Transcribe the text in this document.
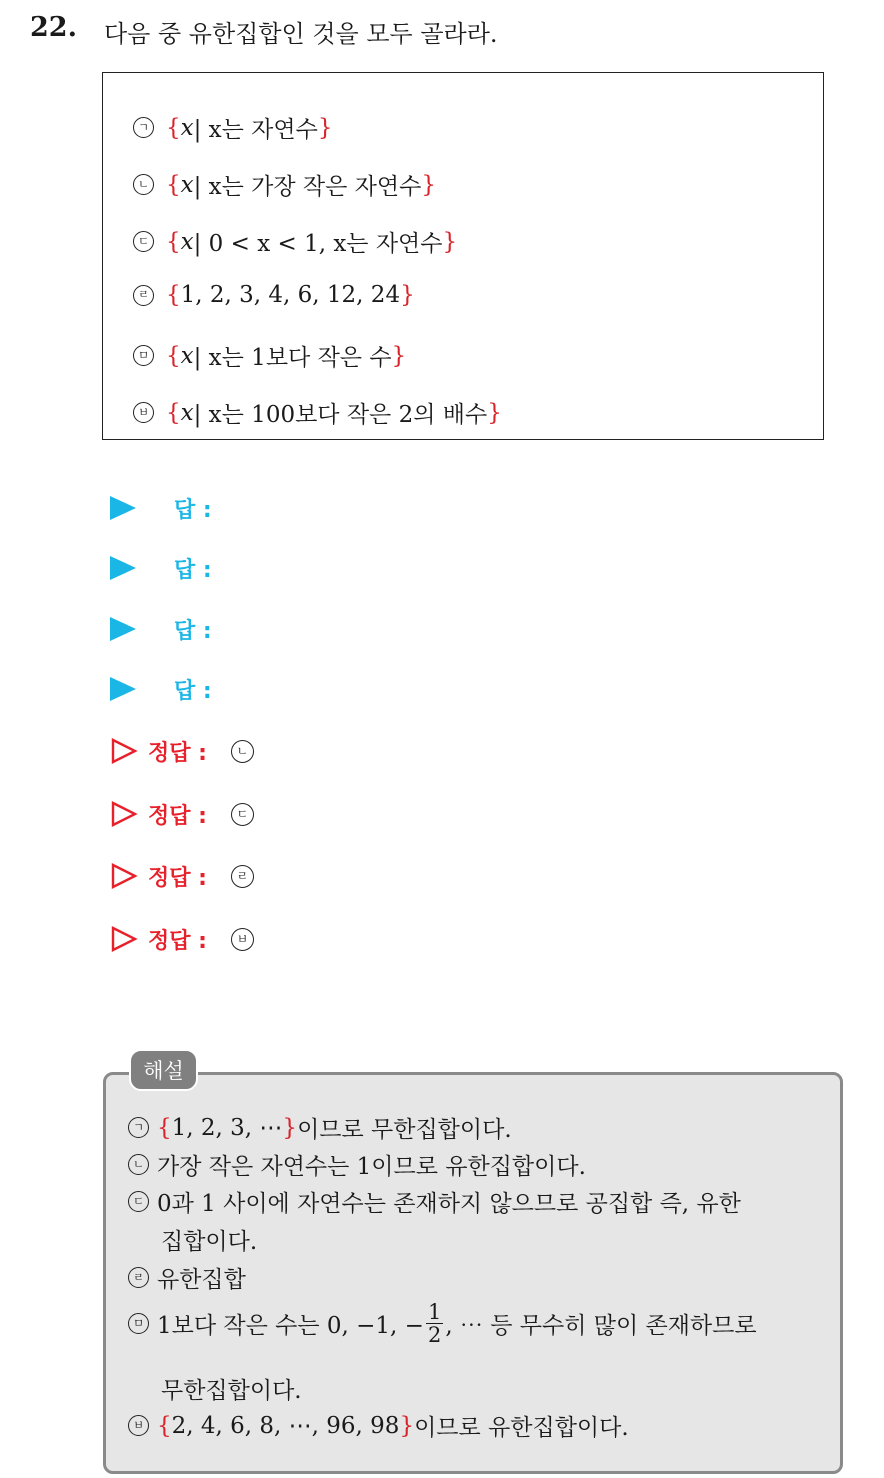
22. 다음 중 유한집합인 것을 모두 골라라.
ㄱ { x | x는 자연수 }
ㄴ { x | x는 가장 작은 자연수 }
ㄷ { x | 0 < x < 1, x는 자연수 }
ㄹ { 1, 2, 3, 4, 6, 12, 24 }
ㅁ { x | x는 1보다 작은 수 }
ㅂ { x | x는 100보다 작은 2의 배수 }
답 :
답 :
답 :
답 :
정답 :	ㄴ
정답 :	ㄷ
정답 :	ㄹ
정답 :	ㅂ
ㄱ { 1, 2, 3, ⋯ } 이므로 무한집합이다.
ㄴ 가장 작은 자연수는 1이므로 유한집합이다.
ㄷ 0과 1 사이에 자연수는 존재하지 않으므로 공집합 즉, 유한
집합이다.
ㄹ 유한집합
ㅁ 1보다 작은 수는 0, −1, − $\frac{1}{2}$ , ⋯ 등 무수히 많이 존재하므로
무한집합이다.
ㅂ { 2, 4, 6, 8, ⋯, 96, 98 } 이므로 유한집합이다.
해설
